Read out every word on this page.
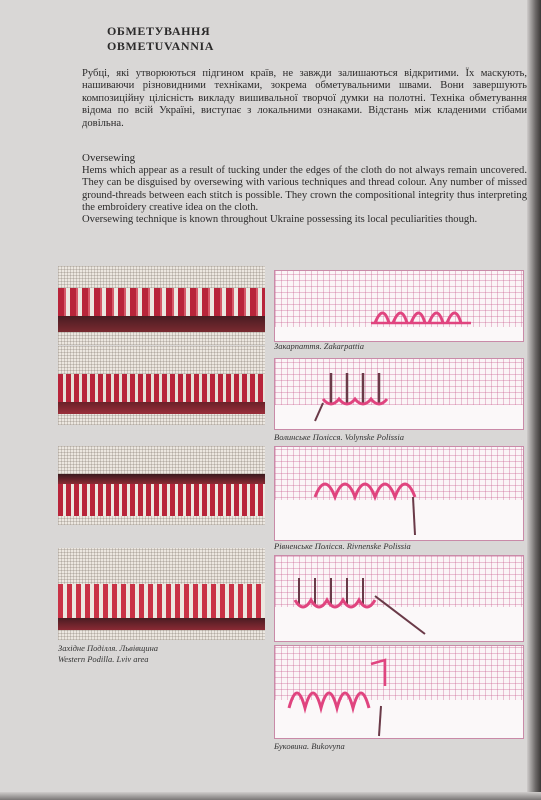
ОБМЕТУВАННЯ
OBMETUVANNIA

Рубці, які утворюються підгином країв, не завжди залишаються відкритими. Їх маскують, нашиваючи різновидними техніками, зокрема обметувальними швами. Вони завершують композиційну цілісність викладу вишивальної творчої думки на полотні. Техніка обметування відома по всій Україні, виступає з локальними ознаками. Відстань між кладеними стібами довільна.

Oversewing

Hems which appear as a result of tucking under the edges of the cloth do not always remain uncovered. They can be disguised by oversewing with various techniques and thread colour. Any number of missed ground-threads between each stitch is possible. They crown the compositional integrity thus interpreting the embroidery creative idea on the cloth.

Oversewing technique is known throughout Ukraine possessing its local peculiarities though.

Закарпаття. Zakarpattia
Волинське Полісся. Volynske Polissia
Рівненське Полісся. Rivnenske Polissia
Західне Поділля. Львівщина
Western Podilla. Lviv area
Буковина. Bukovyna
